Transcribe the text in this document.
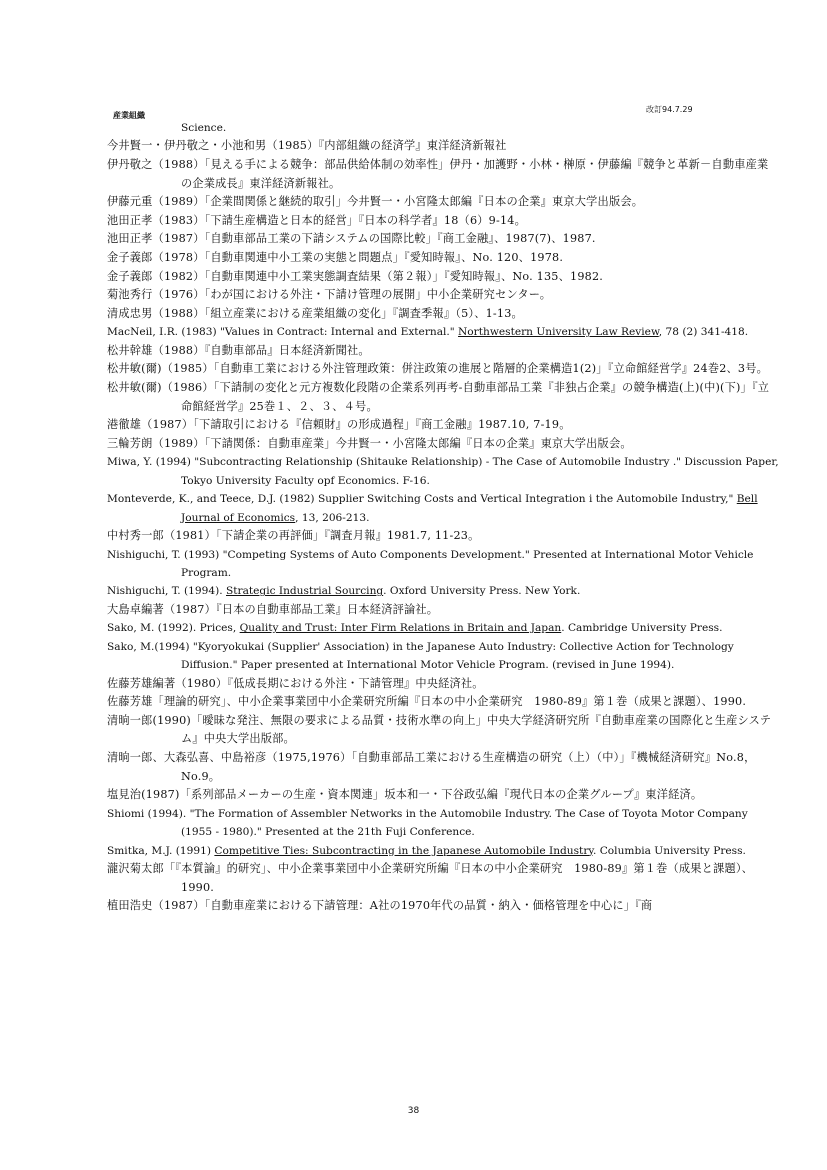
産業組織
改訂94.7.29
Science.
今井賢一・伊丹敬之・小池和男（1985）『内部組織の経済学』東洋経済新報社
伊丹敬之（1988）「見える手による競争：部品供給体制の効率性」伊丹・加護野・小林・榊原・伊藤編『競争と革新－自動車産業の企業成長』東洋経済新報社。
伊藤元重（1989）「企業間関係と継続的取引」今井賢一・小宮隆太郎編『日本の企業』東京大学出版会。
池田正孝（1983）「下請生産構造と日本的経営」『日本の科学者』18（6）9-14。
池田正孝（1987）「自動車部品工業の下請システムの国際比較」『商工金融』、1987(7)、1987.
金子義郎（1978）「自動車関連中小工業の実態と問題点」『愛知時報』、No. 120、1978.
金子義郎（1982）「自動車関連中小工業実態調査結果（第２報）」『愛知時報』、No. 135、1982.
菊池秀行（1976）「わが国における外注・下請け管理の展開」中小企業研究センター。
清成忠男（1988）「組立産業における産業組織の変化」『調査季報』（5）、1-13。
MacNeil, I.R. (1983) "Values in Contract: Internal and External." Northwestern University Law Review, 78 (2) 341-418.
松井幹雄（1988）『自動車部品』日本経済新聞社。
松井敏(爾)（1985）「自動車工業における外注管理政策：併注政策の進展と階層的企業構造1(2)」『立命館経営学』24巻2、3号。
松井敏(爾)（1986）「下請制の変化と元方複数化段階の企業系列再考-自動車部品工業『非独占企業』の競争構造(上)(中)(下)」『立命館経営学』25巻１、２、３、４号。
港徹雄（1987）「下請取引における『信頼財』の形成過程」『商工金融』1987.10, 7-19。
三輪芳朗（1989）「下請関係：自動車産業」今井賢一・小宮隆太郎編『日本の企業』東京大学出版会。
Miwa, Y. (1994) "Subcontracting Relationship (Shitauke Relationship) - The Case of Automobile Industry ." Discussion Paper, Tokyo University Faculty opf Economics. F-16.
Monteverde, K., and Teece, D.J. (1982) Supplier Switching Costs and Vertical Integration i the Automobile Industry," Bell Journal of Economics, 13, 206-213.
中村秀一郎（1981）「下請企業の再評価」『調査月報』1981.7, 11-23。
Nishiguchi, T. (1993) "Competing Systems of Auto Components Development." Presented at International Motor Vehicle Program.
Nishiguchi, T. (1994). Strategic Industrial Sourcing. Oxford University Press. New York.
大島卓編著（1987）『日本の自動車部品工業』日本経済評論社。
Sako, M. (1992). Prices, Quality and Trust: Inter Firm Relations in Britain and Japan. Cambridge University Press.
Sako, M.(1994) "Kyoryokukai (Supplier' Association) in the Japanese Auto Industry: Collective Action for Technology Diffusion." Paper presented at International Motor Vehicle Program. (revised in June 1994).
佐藤芳雄編著（1980）『低成長期における外注・下請管理』中央経済社。
佐藤芳雄「理論的研究」、中小企業事業団中小企業研究所編『日本の中小企業研究　1980-89』第１巻（成果と課題）、1990.
清晌一郎(1990)「曖昧な発注、無限の要求による品質・技術水準の向上」中央大学経済研究所『自動車産業の国際化と生産システム』中央大学出版部。
清晌一郎、大森弘喜、中島裕彦（1975,1976）「自動車部品工業における生産構造の研究（上）（中）」『機械経済研究』No.8，No.9。
塩見治(1987)「系列部品メーカーの生産・資本関連」坂本和一・下谷政弘編『現代日本の企業グループ』東洋経済。
Shiomi (1994). "The Formation of Assembler Networks in the Automobile Industry. The Case of Toyota Motor Company (1955 - 1980)." Presented at the 21th Fuji Conference.
Smitka, M.J. (1991) Competitive Ties: Subcontracting in the Japanese Automobile Industry. Columbia University Press.
瀧沢菊太郎「『本質論』的研究」、中小企業事業団中小企業研究所編『日本の中小企業研究　1980-89』第１巻（成果と課題）、1990.
植田浩史（1987）「自動車産業における下請管理：A社の1970年代の品質・納入・価格管理を中心に」『商
38
